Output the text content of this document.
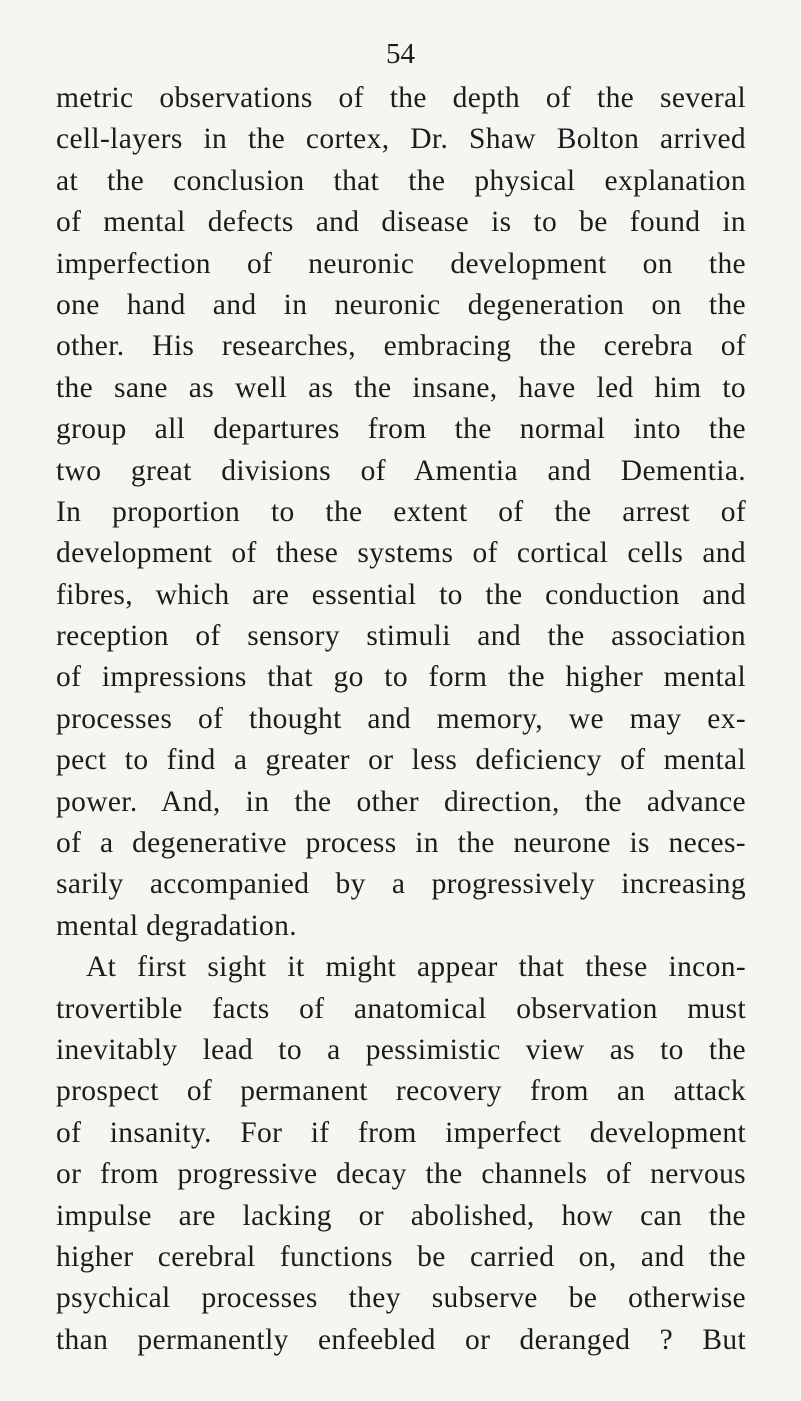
54
metric observations of the depth of the several
cell-layers in the cortex, Dr. Shaw Bolton arrived
at the conclusion that the physical explanation
of mental defects and disease is to be found in
imperfection of neuronic development on the
one hand and in neuronic degeneration on the
other. His researches, embracing the cerebra of
the sane as well as the insane, have led him to
group all departures from the normal into the
two great divisions of Amentia and Dementia.
In proportion to the extent of the arrest of
development of these systems of cortical cells and
fibres, which are essential to the conduction and
reception of sensory stimuli and the association
of impressions that go to form the higher mental
processes of thought and memory, we may ex-
pect to find a greater or less deficiency of mental
power. And, in the other direction, the advance
of a degenerative process in the neurone is neces-
sarily accompanied by a progressively increasing
mental degradation.
At first sight it might appear that these incon-
trovertible facts of anatomical observation must
inevitably lead to a pessimistic view as to the
prospect of permanent recovery from an attack
of insanity. For if from imperfect development
or from progressive decay the channels of nervous
impulse are lacking or abolished, how can the
higher cerebral functions be carried on, and the
psychical processes they subserve be otherwise
than permanently enfeebled or deranged ? But
